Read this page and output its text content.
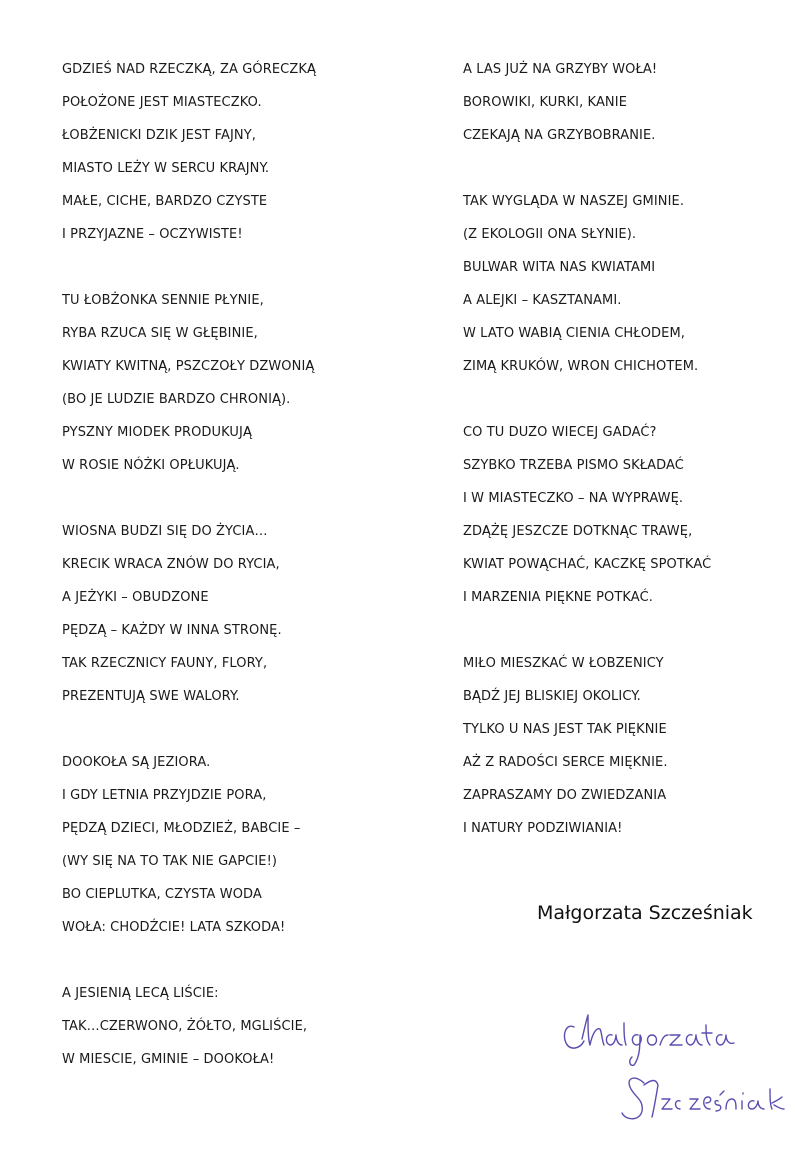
GDZIEŚ NAD RZECZKĄ, ZA GÓRECZKĄ
POŁOŻONE JEST MIASTECZKO.
ŁOBŻENICKI DZIK JEST FAJNY,
MIASTO LEŻY W SERCU KRAJNY.
MAŁE, CICHE, BARDZO CZYSTE
I PRZYJAZNE – OCZYWISTE!
TU ŁOBŻONKA SENNIE PŁYNIE,
RYBA RZUCA SIĘ W GŁĘBINIE,
KWIATY KWITNĄ, PSZCZOŁY DZWONIĄ
(BO JE LUDZIE BARDZO CHRONIĄ).
PYSZNY MIODEK PRODUKUJĄ
W ROSIE NÓŻKI OPŁUKUJĄ.
WIOSNA BUDZI SIĘ DO ŻYCIA…
KRECIK WRACA ZNÓW DO RYCIA,
A JEŻYKI – OBUDZONE
PĘDZĄ – KAŻDY W INNA STRONĘ.
TAK RZECZNICY FAUNY, FLORY,
PREZENTUJĄ SWE WALORY.
DOOKOŁA SĄ JEZIORA.
I GDY LETNIA PRZYJDZIE PORA,
PĘDZĄ DZIECI, MŁODZIEŻ, BABCIE –
(WY SIĘ NA TO TAK NIE GAPCIE!)
BO CIEPLUTKA, CZYSTA WODA
WOŁA: CHODŹCIE! LATA SZKODA!
A JESIENIĄ LECĄ LIŚCIE:
TAK…CZERWONO, ŻÓŁTO, MGLIŚCIE,
W MIESCIE, GMINIE – DOOKOŁA!
A LAS JUŻ NA GRZYBY WOŁA!
BOROWIKI, KURKI, KANIE
CZEKAJĄ NA GRZYBOBRANIE.
TAK WYGLĄDA W NASZEJ GMINIE.
(Z EKOLOGII ONA SŁYNIE).
BULWAR WITA NAS KWIATAMI
A ALEJKI – KASZTANAMI.
W LATO WABIĄ CIENIA CHŁODEM,
ZIMĄ KRUKÓW, WRON CHICHOTEM.
CO TU DUZO WIECEJ GADAĆ?
SZYBKO TRZEBA PISMO SKŁADAĆ
I W MIASTECZKO – NA WYPRAWĘ.
ZDĄŻĘ JESZCZE DOTKNĄC TRAWĘ,
KWIAT POWĄCHAĆ, KACZKĘ SPOTKAĆ
I MARZENIA PIĘKNE POTKAĆ.
MIŁO MIESZKAĆ W ŁOBZENICY
BĄDŹ JEJ BLISKIEJ OKOLICY.
TYLKO U NAS JEST TAK PIĘKNIE
AŻ Z RADOŚCI SERCE MIĘKNIE.
ZAPRASZAMY DO ZWIEDZANIA
I NATURY PODZIWIANIA!
Małgorzata Szcześniak
